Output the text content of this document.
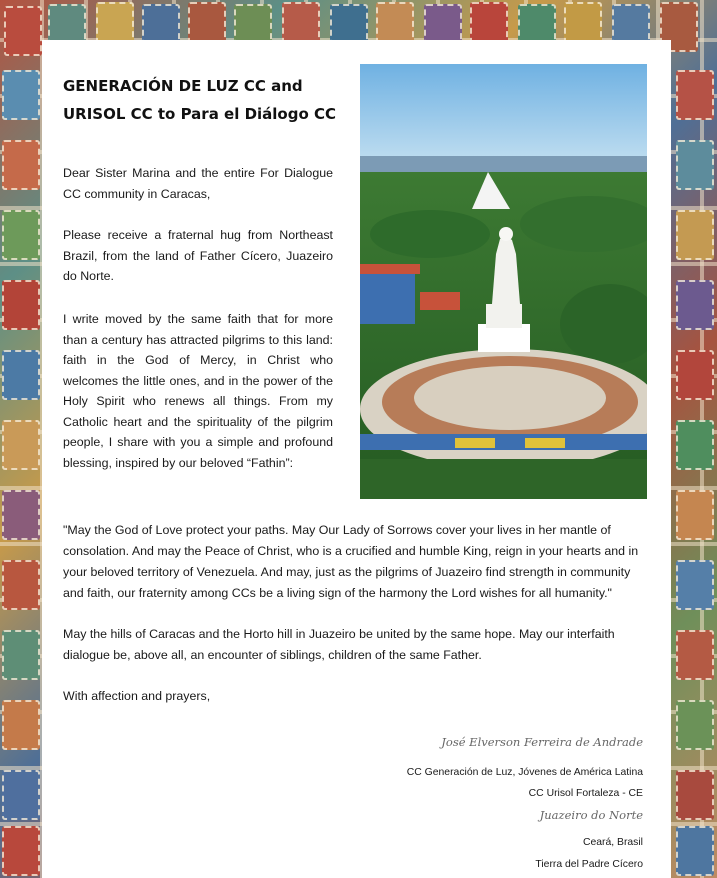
GENERACIÓN DE LUZ CC and
URISOL CC to Para el Diálogo CC
Dear Sister Marina and the entire For Dialogue CC community in Caracas,
Please receive a fraternal hug from Northeast Brazil, from the land of Father Cícero, Juazeiro do Norte.
I write moved by the same faith that for more than a century has attracted pilgrims to this land: faith in the God of Mercy, in Christ who welcomes the little ones, and in the power of the Holy Spirit who renews all things. From my Catholic heart and the spirituality of the pilgrim people, I share with you a simple and profound blessing, inspired by our beloved “Fathin”:
"May the God of Love protect your paths. May Our Lady of Sorrows cover your lives in her mantle of consolation. And may the Peace of Christ, who is a crucified and humble King, reign in your hearts and in your beloved territory of Venezuela. And may, just as the pilgrims of Juazeiro find strength in community and faith, our fraternity among CCs be a living sign of the harmony the Lord wishes for all humanity."
May the hills of Caracas and the Horto hill in Juazeiro be united by the same hope. May our interfaith dialogue be, above all, an encounter of siblings, children of the same Father.
With affection and prayers,
José Elverson Ferreira de Andrade
CC Generación de Luz, Jóvenes de América Latina
CC Urisol Fortaleza - CE
Juazeiro do Norte
Ceará, Brasil
Tierra del Padre Cícero
